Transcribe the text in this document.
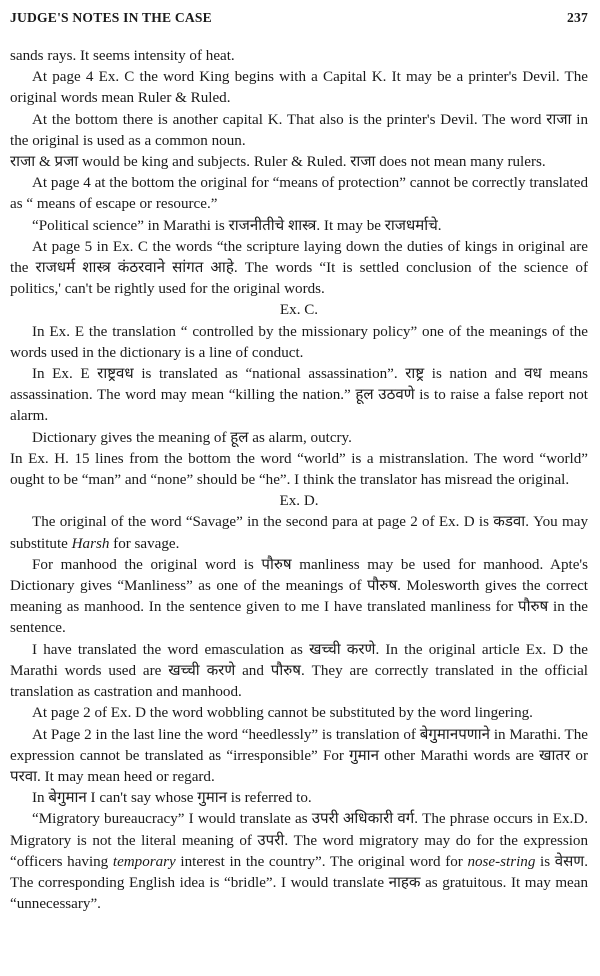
JUDGE'S NOTES IN THE CASE	237

sands rays. It seems intensity of heat.

At page 4 Ex. C the word King begins with a Capital K. It may be a printer's Devil. The original words mean Ruler & Ruled.

At the bottom there is another capital K. That also is the printer's Devil. The word राजा in the original is used as a common noun.

राजा & प्रजा would be king and subjects. Ruler & Ruled. राजा does not mean many rulers.

At page 4 at the bottom the original for “means of protection” cannot be correctly translated as “ means of escape or resource.”

“Political science” in Marathi is राजनीतीचे शास्त्र. It may be राजधर्माचे.

At page 5 in Ex. C the words “the scripture laying down the duties of kings in original are the राजधर्म शास्त्र कंठरवाने सांगत आहे. The words “It is settled conclusion of the science of politics,' can't be rightly used for the original words.

Ex. C.

In Ex. E the translation “ controlled by the missionary policy” one of the meanings of the words used in the dictionary is a line of conduct.

In Ex. E राष्ट्रवध is translated as “national assassination”. राष्ट्र is nation and वध means assassination. The word may mean “killing the nation.” हूल उठवणे is to raise a false report not alarm.

Dictionary gives the meaning of हूल as alarm, outcry.

In Ex. H. 15 lines from the bottom the word “world” is a mistranslation. The word “world” ought to be “man” and “none” should be “he”. I think the translator has misread the original.

Ex. D.

The original of the word “Savage” in the second para at page 2 of Ex. D is कडवा. You may substitute Harsh for savage.

For manhood the original word is पौरुष manliness may be used for manhood. Apte's Dictionary gives “Manliness” as one of the meanings of पौरुष. Molesworth gives the correct meaning as manhood. In the sentence given to me I have translated manliness for पौरुष in the sentence.

I have translated the word emasculation as खच्ची करणे. In the original article Ex. D the Marathi words used are खच्ची करणे and पौरुष. They are correctly translated in the official translation as castration and manhood.

At page 2 of Ex. D the word wobbling cannot be substituted by the word lingering.

At Page 2 in the last line the word “heedlessly” is translation of बेगुमानपणाने in Marathi. The expression cannot be translated as “irresponsible” For गुमान other Marathi words are खातर or परवा. It may mean heed or regard.

In बेगुमान I can't say whose गुमान is referred to.

“Migratory bureaucracy” I would translate as उपरी अधिकारी वर्ग. The phrase occurs in Ex.D. Migratory is not the literal meaning of उपरी. The word migratory may do for the expression “officers having temporary interest in the country”. The original word for nose-string is वेसण. The corresponding English idea is “bridle”. I would translate नाहक as gratuitous. It may mean “unnecessary”.
